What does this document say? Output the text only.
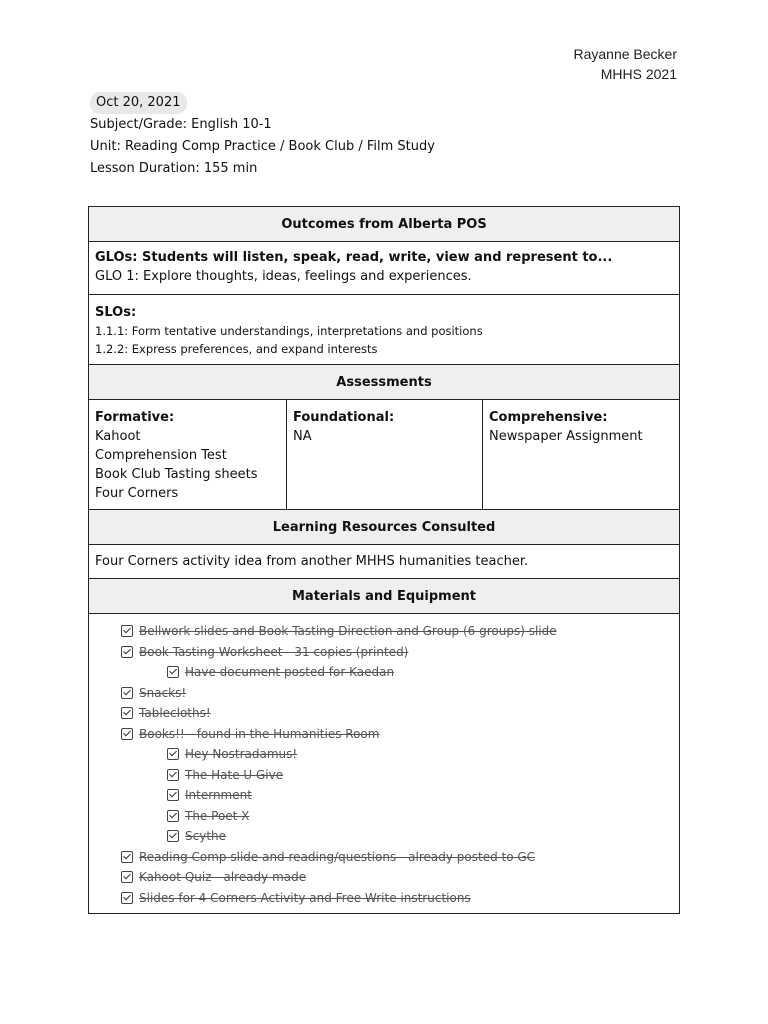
Rayanne Becker
MHHS 2021
Oct 20, 2021
Subject/Grade: English 10-1
Unit: Reading Comp Practice / Book Club / Film Study
Lesson Duration: 155 min
Outcomes from Alberta POS

GLOs: Students will listen, speak, read, write, view and represent to...
GLO 1: Explore thoughts, ideas, feelings and experiences.

SLOs:
1.1.1: Form tentative understandings, interpretations and positions
1.2.2: Express preferences, and expand interests

Assessments

Formative:
Kahoot
Comprehension Test
Book Club Tasting sheets
Four Corners

Foundational:
NA

Comprehensive:
Newspaper Assignment

Learning Resources Consulted
Four Corners activity idea from another MHHS humanities teacher.
Materials and Equipment

Bellwork slides and Book Tasting Direction and Group (6 groups) slide
Book Tasting Worksheet - 31 copies (printed)
Have document posted for Kaedan
Snacks!
Tablecloths!
Books!! - found in the Humanities Room
Hey Nostradamus!
The Hate U Give
Internment
The Poet X
Scythe
Reading Comp slide and reading/questions - already posted to GC
Kahoot Quiz - already made
Slides for 4 Corners Activity and Free Write instructions
